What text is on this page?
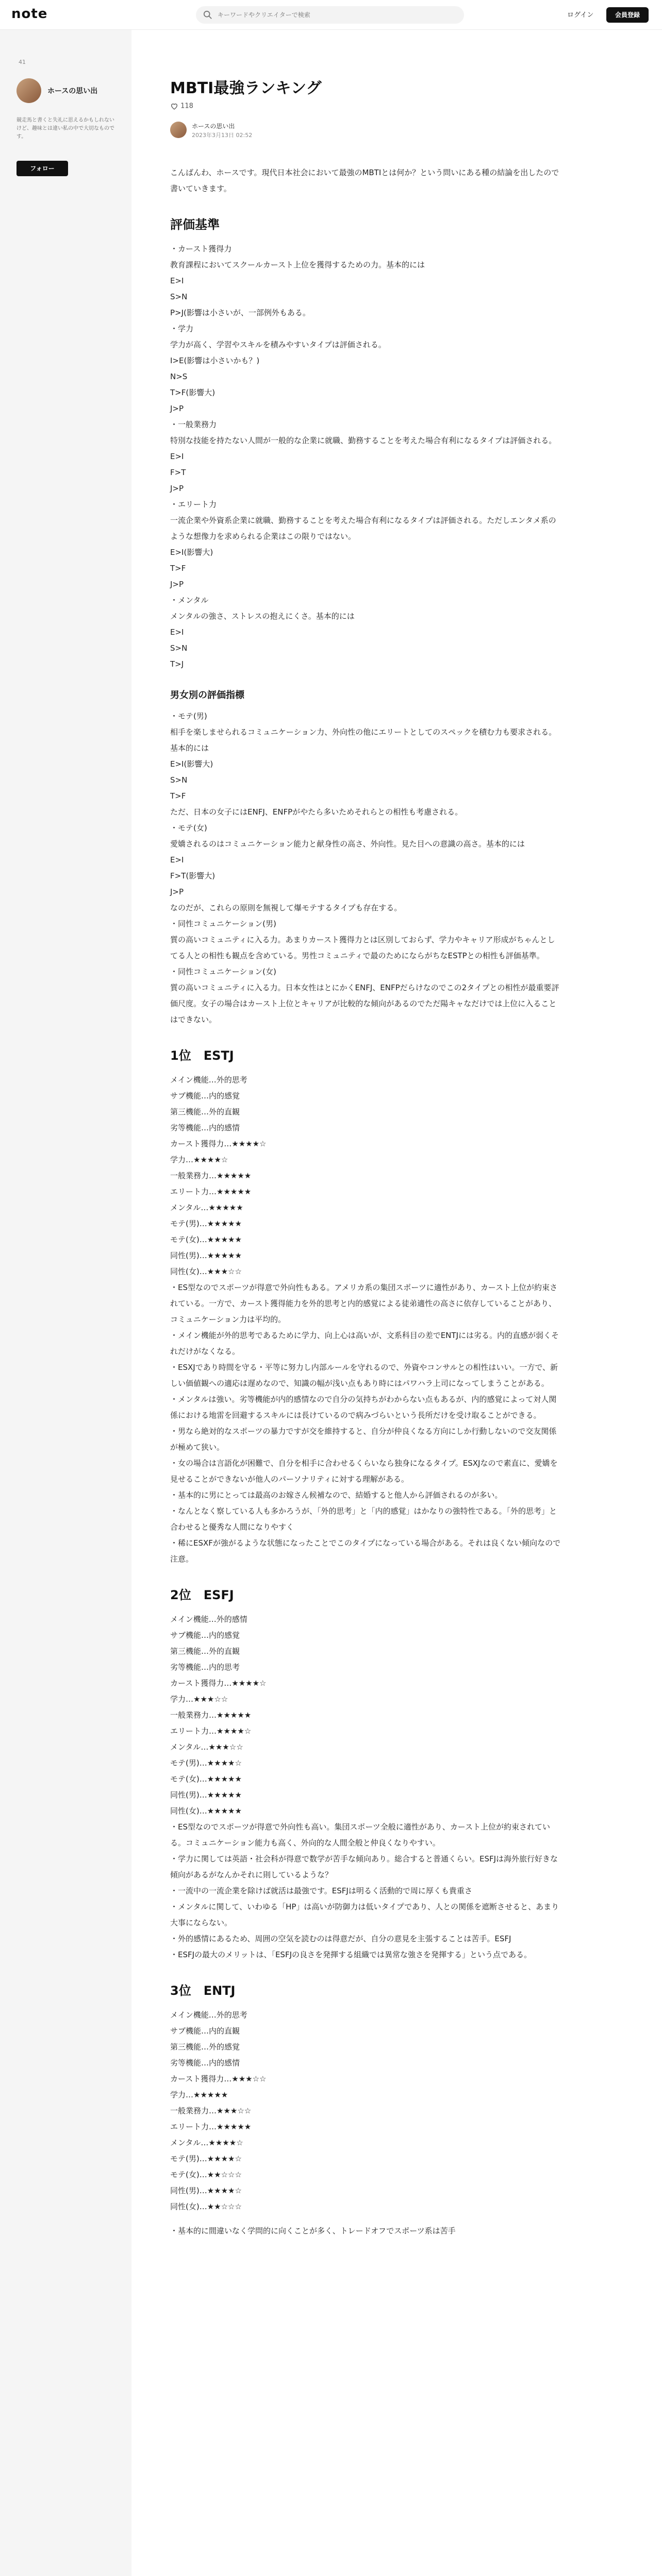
note
キーワードやクリエイターで検索	ログイン	会員登録
41
ホースの思い出
競走馬と書くと失礼に思えるかもしれないけど、趣味とは違い私の中で大切なものです。
フォロー
MBTI最強ランキング
118
ホースの思い出
2023年3月13日 02:52

こんばんわ、ホースです。現代日本社会において最強のMBTIとは何か？という問いにある種の結論を出したので書いていきます。

評価基準

・カースト獲得力

教育課程においてスクールカースト上位を獲得するための力。基本的には

E>I

S>N

P>J(影響は小さいが、一部例外もある。

・学力

学力が高く、学習やスキルを積みやすいタイプは評価される。

I>E(影響は小さいかも？)

N>S

T>F(影響大)

J>P

・一般業務力

特別な技能を持たない人間が一般的な企業に就職、勤務することを考えた場合有利になるタイプは評価される。

E>I

F>T

J>P

・エリート力

一流企業や外資系企業に就職、勤務することを考えた場合有利になるタイプは評価される。ただしエンタメ系のような想像力を求められる企業はこの限りではない。

E>I(影響大)

T>F

J>P

・メンタル

メンタルの強さ、ストレスの抱えにくさ。基本的には

E>I

S>N

T>J

男女別の評価指標

・モテ(男)

相手を楽しませられるコミュニケーション力、外向性の他にエリートとしてのスペックを積む力も要求される。基本的には

E>I(影響大)

S>N

T>F

ただ、日本の女子にはENFJ、ENFPがやたら多いためそれらとの相性も考慮される。

・モテ(女)

愛嬌されるのはコミュニケーション能力と献身性の高さ、外向性。見た目への意識の高さ。基本的には

E>I

F>T(影響大)

J>P

なのだが、これらの原則を無視して爆モテするタイプも存在する。

・同性コミュニケーション(男)

質の高いコミュニティに入る力。あまりカースト獲得力とは区別しておらず、学力やキャリア形成がちゃんとしてる人との相性も観点を含めている。男性コミュニティで最のためにならがちなESTPとの相性も評価基準。

・同性コミュニケーション(女)

質の高いコミュニティに入る力。日本女性はとにかくENFJ、ENFPだらけなのでこの2タイプとの相性が最重要評価尺度。女子の場合はカースト上位とキャリアが比較的な傾向があるのでただ陽キャなだけでは上位に入ることはできない。

1位　ESTJ

メイン機能…外的思考

サブ機能…内的感覚

第三機能…外的直観

劣等機能…内的感情

カースト獲得力…★★★★☆

学力…★★★★☆

一般業務力…★★★★★

エリート力…★★★★★

メンタル…★★★★★

モテ(男)…★★★★★

モテ(女)…★★★★★

同性(男)…★★★★★

同性(女)…★★★☆☆

・ES型なのでスポーツが得意で外向性もある。アメリカ系の集団スポーツに適性があり、カースト上位が約束されている。一方で、カースト獲得能力を外的思考と内的感覚による徒弟適性の高さに依存していることがあり、コミュニケーション力は平均的。

・メイン機能が外的思考であるために学力、向上心は高いが、文系科目の差でENTJには劣る。内的直感が弱くそれだけがなくなる。

・ESXJであり時間を守る・平等に努力し内部ルールを守れるので、外資やコンサルとの相性はいい。一方で、新しい価値観への適応は遅めなので、知識の幅が浅い点もあり時にはパワハラ上司になってしまうことがある。

・メンタルは強い。劣等機能が内的感情なので自分の気持ちがわからない点もあるが、内的感覚によって対人関係における地雷を回避するスキルには長けているので病みづらいという長所だけを受け取ることができる。

・男なら絶対的なスポーツの暴力ですが交を維持すると、自分が仲良くなる方向にしか行動しないので交友関係が極めて狭い。

・女の場合は言語化が困難で、自分を相手に合わせるくらいなら独身になるタイプ。ESXJなので素直に、愛嬌を見せることができないが他人のパーソナリティに対する理解がある。

・基本的に男にとっては最高のお嫁さん候補なので、結婚すると他人から評価されるのが多い。

・なんとなく察している人も多かろうが、「外的思考」と「内的感覚」はかなりの強特性である。「外的思考」と合わせると優秀な人間になりやすく

・稀にESXFが強がるような状態になったことでこのタイプになっている場合がある。それは良くない傾向なので注意。

2位　ESFJ

メイン機能…外的感情

サブ機能…内的感覚

第三機能…外的直観

劣等機能…内的思考

カースト獲得力…★★★★☆

学力…★★★☆☆

一般業務力…★★★★★

エリート力…★★★★☆

メンタル…★★★☆☆

モテ(男)…★★★★☆

モテ(女)…★★★★★

同性(男)…★★★★★

同性(女)…★★★★★

・ES型なのでスポーツが得意で外向性も高い。集団スポーツ全般に適性があり、カースト上位が約束されている。コミュニケーション能力も高く、外向的な人間全般と仲良くなりやすい。

・学力に関しては英語・社会科が得意で数学が苦手な傾向あり。総合すると普通くらい。ESFJは海外旅行好きな傾向があるがなんかそれに則しているような？

・一流中の一流企業を除けば就活は最強です。ESFJは明るく活動的で周に厚くも貴重さ

・メンタルに関して、いわゆる「HP」は高いが防御力は低いタイプであり、人との関係を遮断させると、あまり大事にならない。

・外的感情にあるため、周囲の空気を読むのは得意だが、自分の意見を主張することは苦手。ESFJ

・ESFJの最大のメリットは、「ESFJの良さを発揮する組織では異常な強さを発揮する」という点である。

3位　ENTJ

メイン機能…外的思考

サブ機能…内的直観

第三機能…外的感覚

劣等機能…内的感情

カースト獲得力…★★★☆☆

学力…★★★★★

一般業務力…★★★☆☆

エリート力…★★★★★

メンタル…★★★★☆

モテ(男)…★★★★☆

モテ(女)…★★☆☆☆

同性(男)…★★★★☆

同性(女)…★★☆☆☆

・基本的に間違いなく学問的に向くことが多く、トレードオフでスポーツ系は苦手
